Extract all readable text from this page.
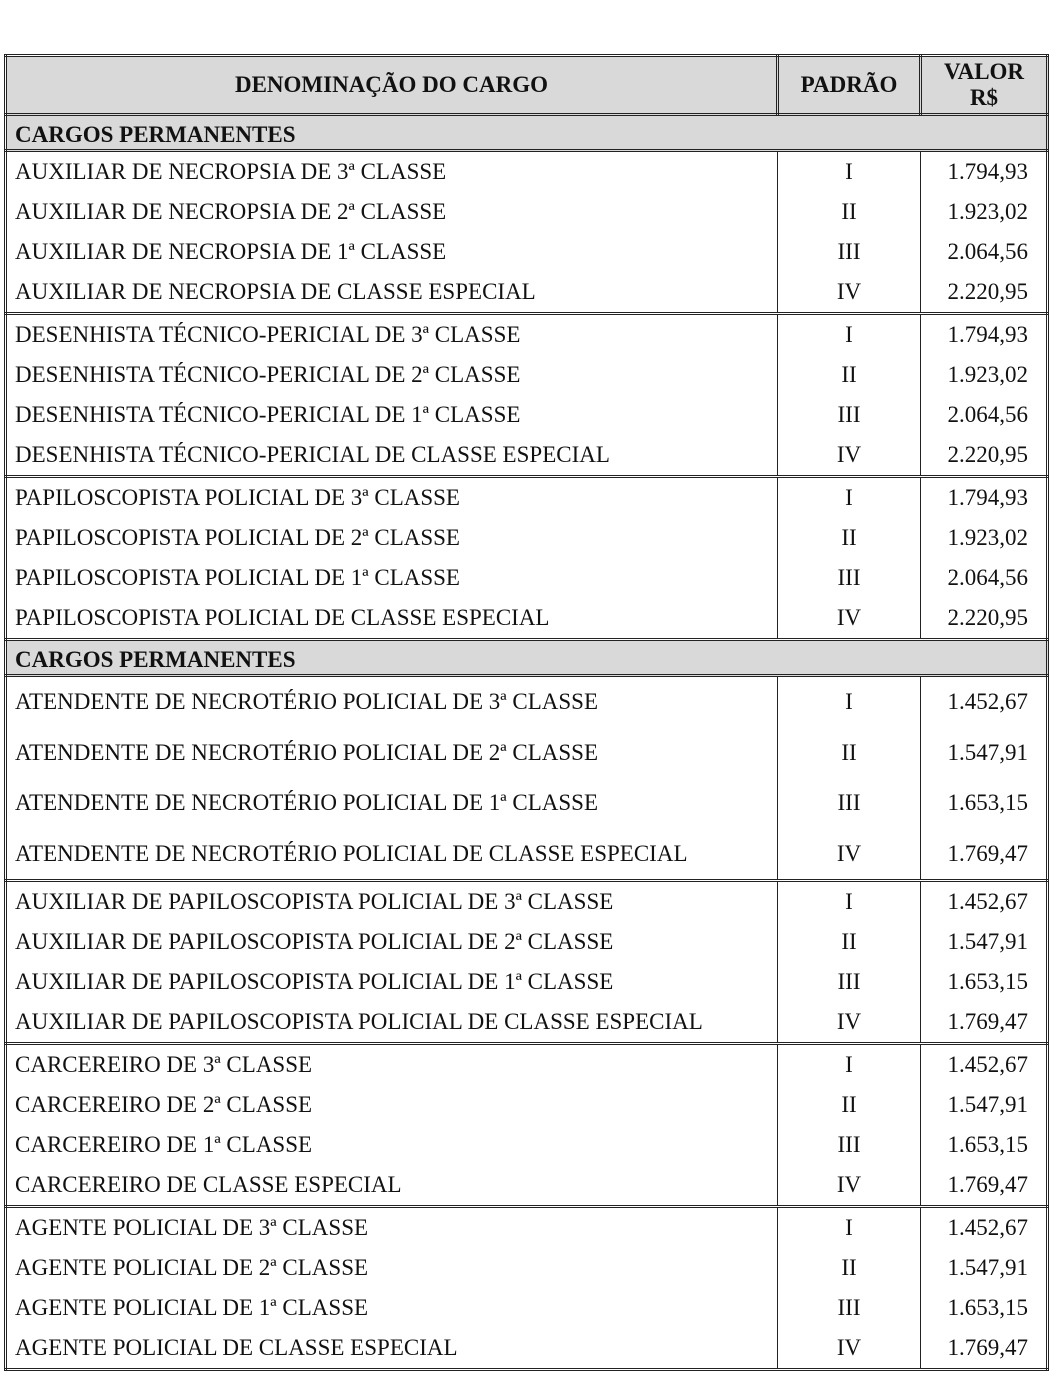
DENOMINAÇÃO DO CARGO	PADRÃO	VALOR
R$
CARGOS PERMANENTES		
AUXILIAR DE NECROPSIA DE 3ª CLASSE	I	1.794,93
AUXILIAR DE NECROPSIA DE 2ª CLASSE	II	1.923,02
AUXILIAR DE NECROPSIA DE 1ª CLASSE	III	2.064,56
AUXILIAR DE NECROPSIA DE CLASSE ESPECIAL	IV	2.220,95
DESENHISTA TÉCNICO-PERICIAL DE 3ª CLASSE	I	1.794,93
DESENHISTA TÉCNICO-PERICIAL DE 2ª CLASSE	II	1.923,02
DESENHISTA TÉCNICO-PERICIAL DE 1ª CLASSE	III	2.064,56
DESENHISTA TÉCNICO-PERICIAL DE CLASSE ESPECIAL	IV	2.220,95
PAPILOSCOPISTA POLICIAL DE 3ª CLASSE	I	1.794,93
PAPILOSCOPISTA POLICIAL DE 2ª CLASSE	II	1.923,02
PAPILOSCOPISTA POLICIAL DE 1ª CLASSE	III	2.064,56
PAPILOSCOPISTA POLICIAL DE CLASSE ESPECIAL	IV	2.220,95
CARGOS PERMANENTES		
ATENDENTE DE NECROTÉRIO POLICIAL DE 3ª CLASSE	I	1.452,67
ATENDENTE DE NECROTÉRIO POLICIAL DE 2ª CLASSE	II	1.547,91
ATENDENTE DE NECROTÉRIO POLICIAL DE 1ª CLASSE	III	1.653,15
ATENDENTE DE NECROTÉRIO POLICIAL DE CLASSE ESPECIAL	IV	1.769,47
AUXILIAR DE PAPILOSCOPISTA POLICIAL DE 3ª CLASSE	I	1.452,67
AUXILIAR DE PAPILOSCOPISTA POLICIAL DE 2ª CLASSE	II	1.547,91
AUXILIAR DE PAPILOSCOPISTA POLICIAL DE 1ª CLASSE	III	1.653,15
AUXILIAR DE PAPILOSCOPISTA POLICIAL DE CLASSE ESPECIAL	IV	1.769,47
CARCEREIRO DE 3ª CLASSE	I	1.452,67
CARCEREIRO DE 2ª CLASSE	II	1.547,91
CARCEREIRO DE 1ª CLASSE	III	1.653,15
CARCEREIRO DE CLASSE ESPECIAL	IV	1.769,47
AGENTE POLICIAL DE 3ª CLASSE	I	1.452,67
AGENTE POLICIAL DE 2ª CLASSE	II	1.547,91
AGENTE POLICIAL DE 1ª CLASSE	III	1.653,15
AGENTE POLICIAL DE CLASSE ESPECIAL	IV	1.769,47
